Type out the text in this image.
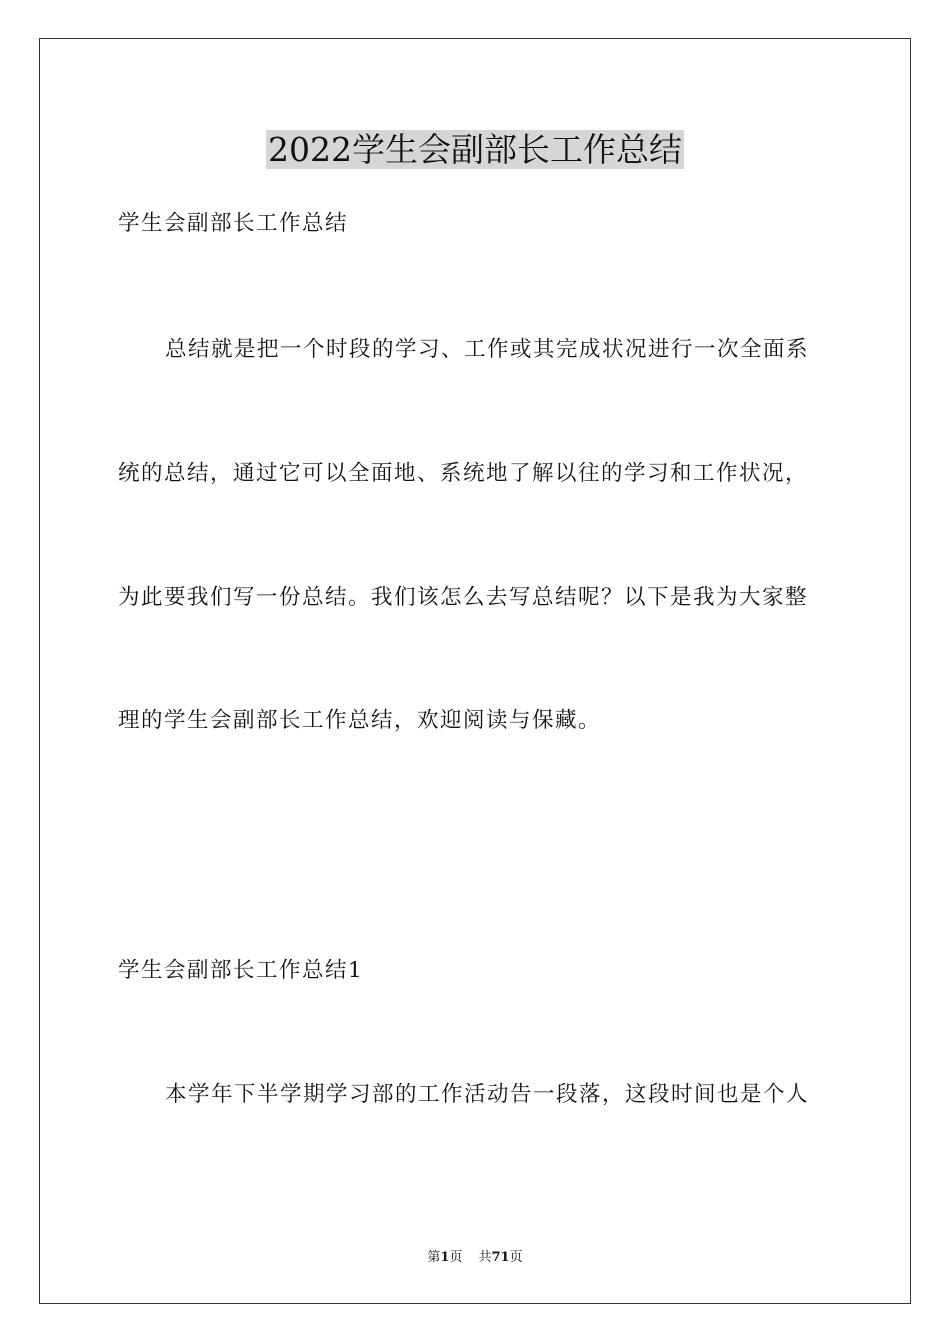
2022学生会副部长工作总结
学生会副部长工作总结
总结就是把一个时段的学习、工作或其完成状况进行一次全面系
统的总结，通过它可以全面地、系统地了解以往的学习和工作状况，
为此要我们写一份总结。我们该怎么去写总结呢？以下是我为大家整
理的学生会副部长工作总结，欢迎阅读与保藏。
学生会副部长工作总结1
本学年下半学期学习部的工作活动告一段落，这段时间也是个人
第1页 共71页
